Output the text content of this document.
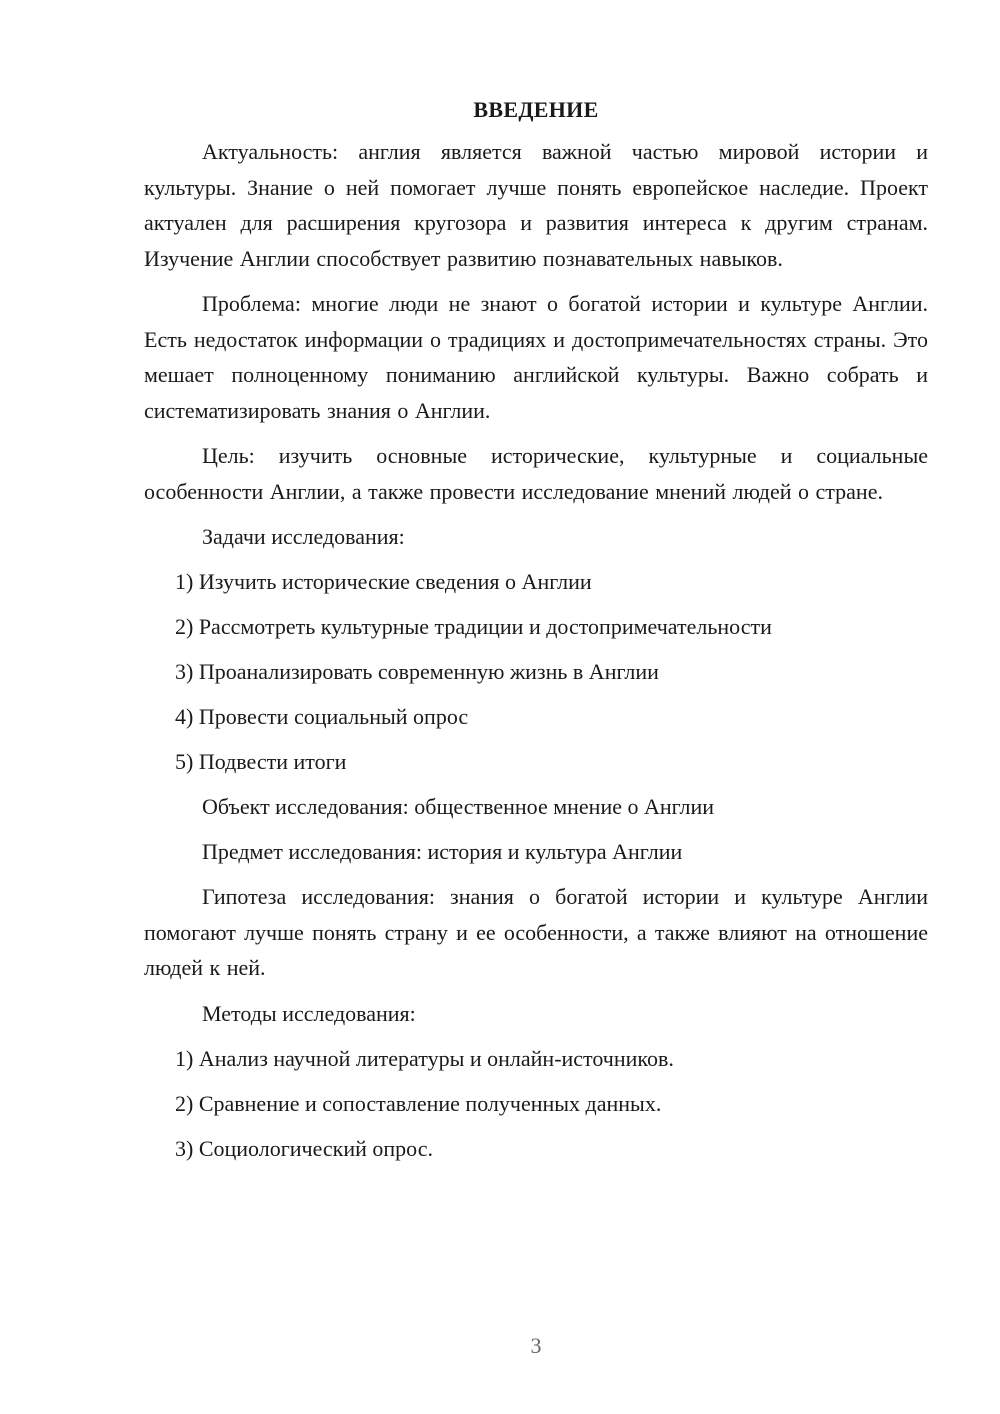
ВВЕДЕНИЕ

Актуальность: англия является важной частью мировой истории и культуры. Знание о ней помогает лучше понять европейское наследие. Проект актуален для расширения кругозора и развития интереса к другим странам. Изучение Англии способствует развитию познавательных навыков.

Проблема: многие люди не знают о богатой истории и культуре Англии. Есть недостаток информации о традициях и достопримечательностях страны. Это мешает полноценному пониманию английской культуры. Важно собрать и систематизировать знания о Англии.

Цель: изучить основные исторические, культурные и социальные особенности Англии, а также провести исследование мнений людей о стране.

Задачи исследования:
1) Изучить исторические сведения о Англии
2) Рассмотреть культурные традиции и достопримечательности
3) Проанализировать современную жизнь в Англии
4) Провести социальный опрос
5) Подвести итоги
Объект исследования: общественное мнение о Англии
Предмет исследования: история и культура Англии

Гипотеза исследования: знания о богатой истории и культуре Англии помогают лучше понять страну и ее особенности, а также влияют на отношение людей к ней.

Методы исследования:
1) Анализ научной литературы и онлайн-источников.
2) Сравнение и сопоставление полученных данных.
3) Социологический опрос.
3
